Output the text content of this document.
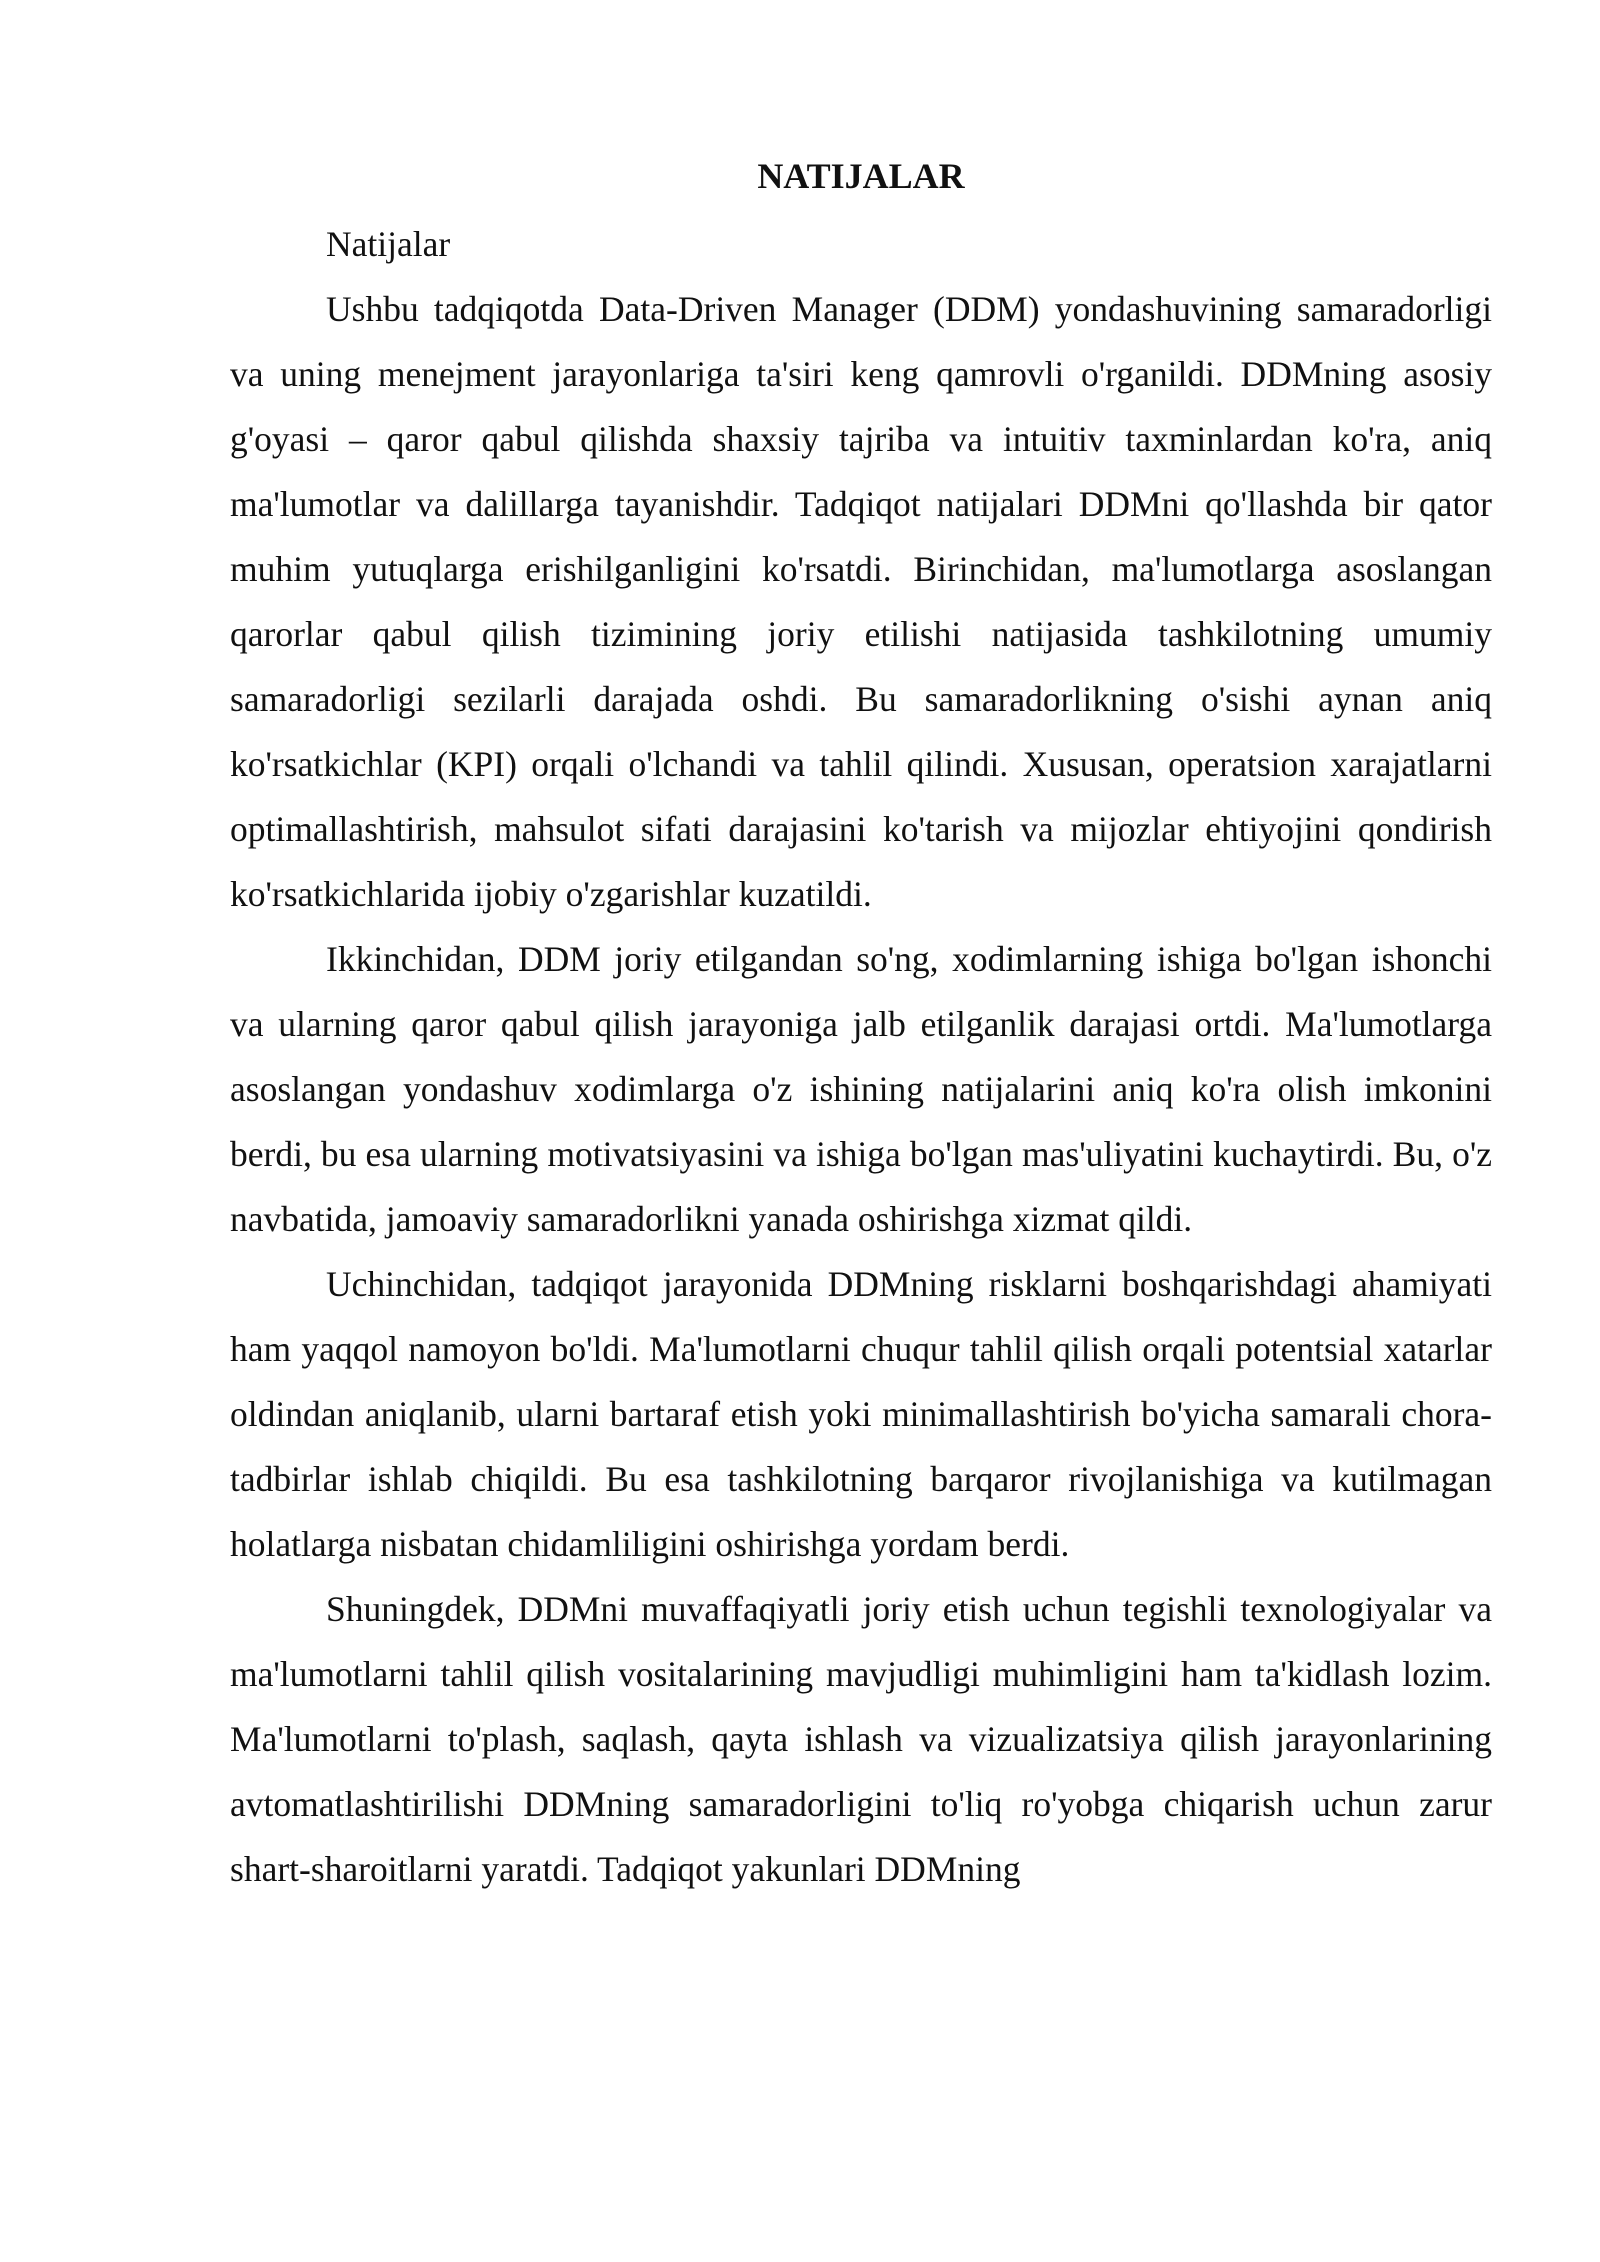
NATIJALAR

Natijalar

Ushbu tadqiqotda Data-Driven Manager (DDM) yondashuvining samaradorligi va uning menejment jarayonlariga ta'siri keng qamrovli o'rganildi. DDMning asosiy g'oyasi – qaror qabul qilishda shaxsiy tajriba va intuitiv taxminlardan ko'ra, aniq ma'lumotlar va dalillarga tayanishdir. Tadqiqot natijalari DDMni qo'llashda bir qator muhim yutuqlarga erishilganligini ko'rsatdi. Birinchidan, ma'lumotlarga asoslangan qarorlar qabul qilish tizimining joriy etilishi natijasida tashkilotning umumiy samaradorligi sezilarli darajada oshdi. Bu samaradorlikning o'sishi aynan aniq ko'rsatkichlar (KPI) orqali o'lchandi va tahlil qilindi. Xususan, operatsion xarajatlarni optimallashtirish, mahsulot sifati darajasini ko'tarish va mijozlar ehtiyojini qondirish ko'rsatkichlarida ijobiy o'zgarishlar kuzatildi.

Ikkinchidan, DDM joriy etilgandan so'ng, xodimlarning ishiga bo'lgan ishonchi va ularning qaror qabul qilish jarayoniga jalb etilganlik darajasi ortdi. Ma'lumotlarga asoslangan yondashuv xodimlarga o'z ishining natijalarini aniq ko'ra olish imkonini berdi, bu esa ularning motivatsiyasini va ishiga bo'lgan mas'uliyatini kuchaytirdi. Bu, o'z navbatida, jamoaviy samaradorlikni yanada oshirishga xizmat qildi.

Uchinchidan, tadqiqot jarayonida DDMning risklarni boshqarishdagi ahamiyati ham yaqqol namoyon bo'ldi. Ma'lumotlarni chuqur tahlil qilish orqali potentsial xatarlar oldindan aniqlanib, ularni bartaraf etish yoki minimallashtirish bo'yicha samarali chora-tadbirlar ishlab chiqildi. Bu esa tashkilotning barqaror rivojlanishiga va kutilmagan holatlarga nisbatan chidamliligini oshirishga yordam berdi.

Shuningdek, DDMni muvaffaqiyatli joriy etish uchun tegishli texnologiyalar va ma'lumotlarni tahlil qilish vositalarining mavjudligi muhimligini ham ta'kidlash lozim. Ma'lumotlarni to'plash, saqlash, qayta ishlash va vizualizatsiya qilish jarayonlarining avtomatlashtirilishi DDMning samaradorligini to'liq ro'yobga chiqarish uchun zarur shart-sharoitlarni yaratdi. Tadqiqot yakunlari DDMning
